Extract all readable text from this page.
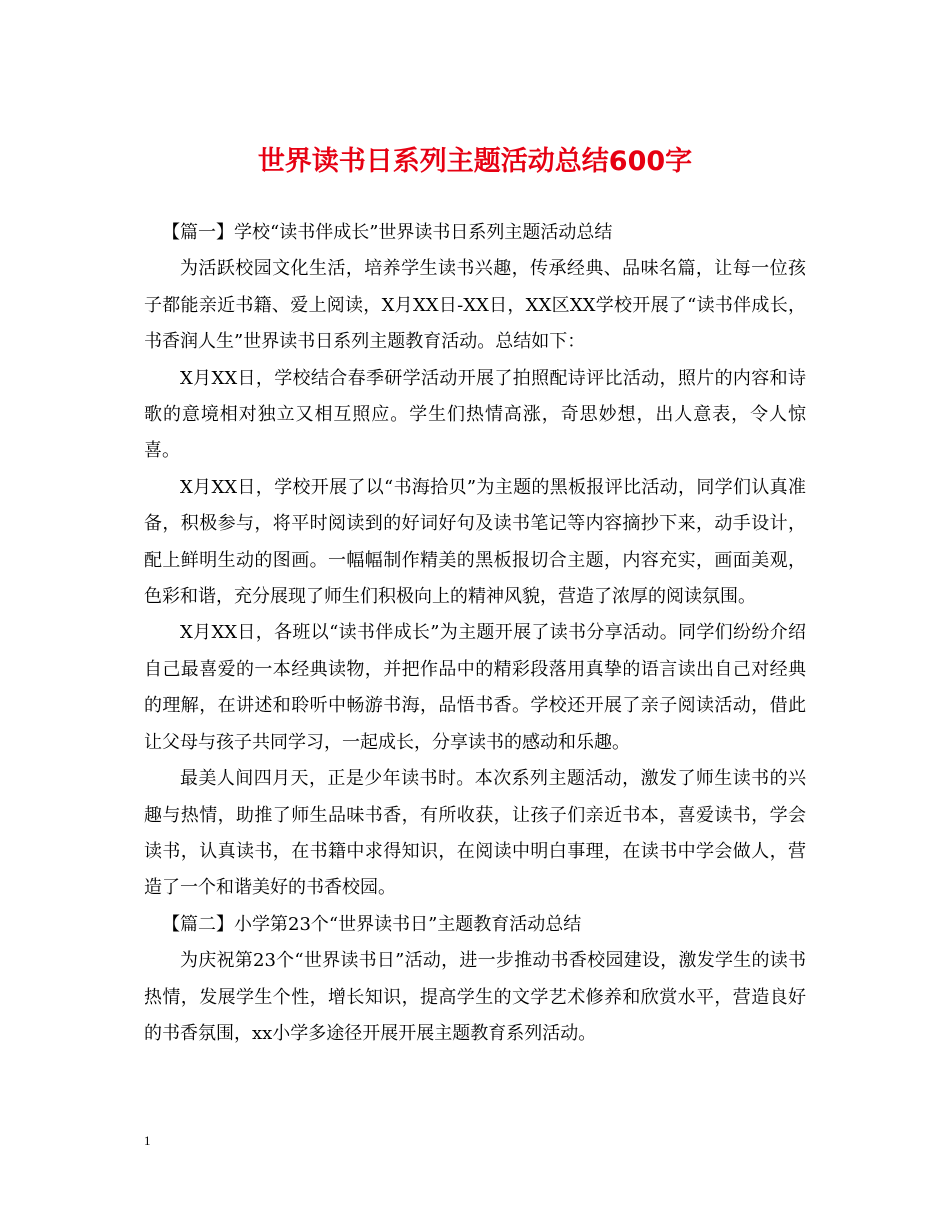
世界读书日系列主题活动总结600字

【篇一】学校“读书伴成长”世界读书日系列主题活动总结

为活跃校园文化生活，培养学生读书兴趣，传承经典、品味名篇，让每一位孩子都能亲近书籍、爱上阅读，X月XX日-XX日，XX区XX学校开展了“读书伴成长，书香润人生”世界读书日系列主题教育活动。总结如下：

X月XX日，学校结合春季研学活动开展了拍照配诗评比活动，照片的内容和诗歌的意境相对独立又相互照应。学生们热情高涨，奇思妙想，出人意表，令人惊喜。

X月XX日，学校开展了以“书海拾贝”为主题的黑板报评比活动，同学们认真准备，积极参与，将平时阅读到的好词好句及读书笔记等内容摘抄下来，动手设计，配上鲜明生动的图画。一幅幅制作精美的黑板报切合主题，内容充实，画面美观，色彩和谐，充分展现了师生们积极向上的精神风貌，营造了浓厚的阅读氛围。

X月XX日，各班以“读书伴成长”为主题开展了读书分享活动。同学们纷纷介绍自己最喜爱的一本经典读物，并把作品中的精彩段落用真挚的语言读出自己对经典的理解，在讲述和聆听中畅游书海，品悟书香。学校还开展了亲子阅读活动，借此让父母与孩子共同学习，一起成长，分享读书的感动和乐趣。

最美人间四月天，正是少年读书时。本次系列主题活动，激发了师生读书的兴趣与热情，助推了师生品味书香，有所收获，让孩子们亲近书本，喜爱读书，学会读书，认真读书，在书籍中求得知识，在阅读中明白事理，在读书中学会做人，营造了一个和谐美好的书香校园。

【篇二】小学第23个“世界读书日”主题教育活动总结

为庆祝第23个“世界读书日”活动，进一步推动书香校园建设，激发学生的读书热情，发展学生个性，增长知识，提高学生的文学艺术修养和欣赏水平，营造良好的书香氛围，xx小学多途径开展开展主题教育系列活动。

1
